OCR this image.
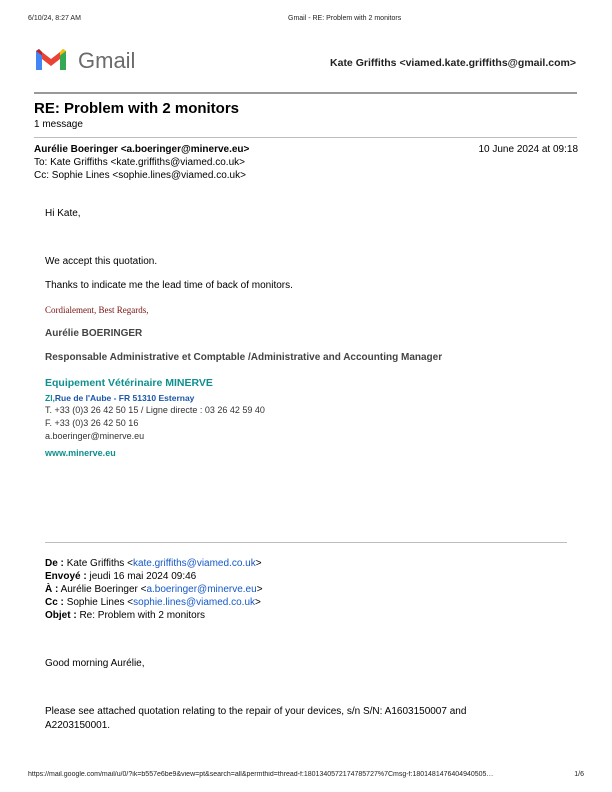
6/10/24, 8:27 AM	Gmail - RE: Problem with 2 monitors
Gmail	Kate Griffiths <viamed.kate.griffiths@gmail.com>
RE: Problem with 2 monitors
1 message
Aurélie Boeringer <a.boeringer@minerve.eu>	10 June 2024 at 09:18
To: Kate Griffiths <kate.griffiths@viamed.co.uk>
Cc: Sophie Lines <sophie.lines@viamed.co.uk>
Hi Kate,
We accept this quotation.
Thanks to indicate me the lead time of back of monitors.
Cordialement, Best Regards,
Aurélie BOERINGER
Responsable Administrative et Comptable /Administrative and Accounting Manager
Equipement Vétérinaire MINERVE
ZI,Rue de l'Aube - FR 51310 Esternay
T. +33 (0)3 26 42 50 15 / Ligne directe : 03 26 42 59 40
F. +33 (0)3 26 42 50 16
a.boeringer@minerve.eu
www.minerve.eu
De : Kate Griffiths <kate.griffiths@viamed.co.uk>
Envoyé : jeudi 16 mai 2024 09:46
À : Aurélie Boeringer <a.boeringer@minerve.eu>
Cc : Sophie Lines <sophie.lines@viamed.co.uk>
Objet : Re: Problem with 2 monitors
Good morning Aurélie,
Please see attached quotation relating to the repair of your devices, s/n S/N: A1603150007 and
A2203150001.
https://mail.google.com/mail/u/0/?ik=b557e6be9&view=pt&search=all&permthid=thread-f:1801340572174785727%7Cmsg-f:1801481476404940505…	1/6
